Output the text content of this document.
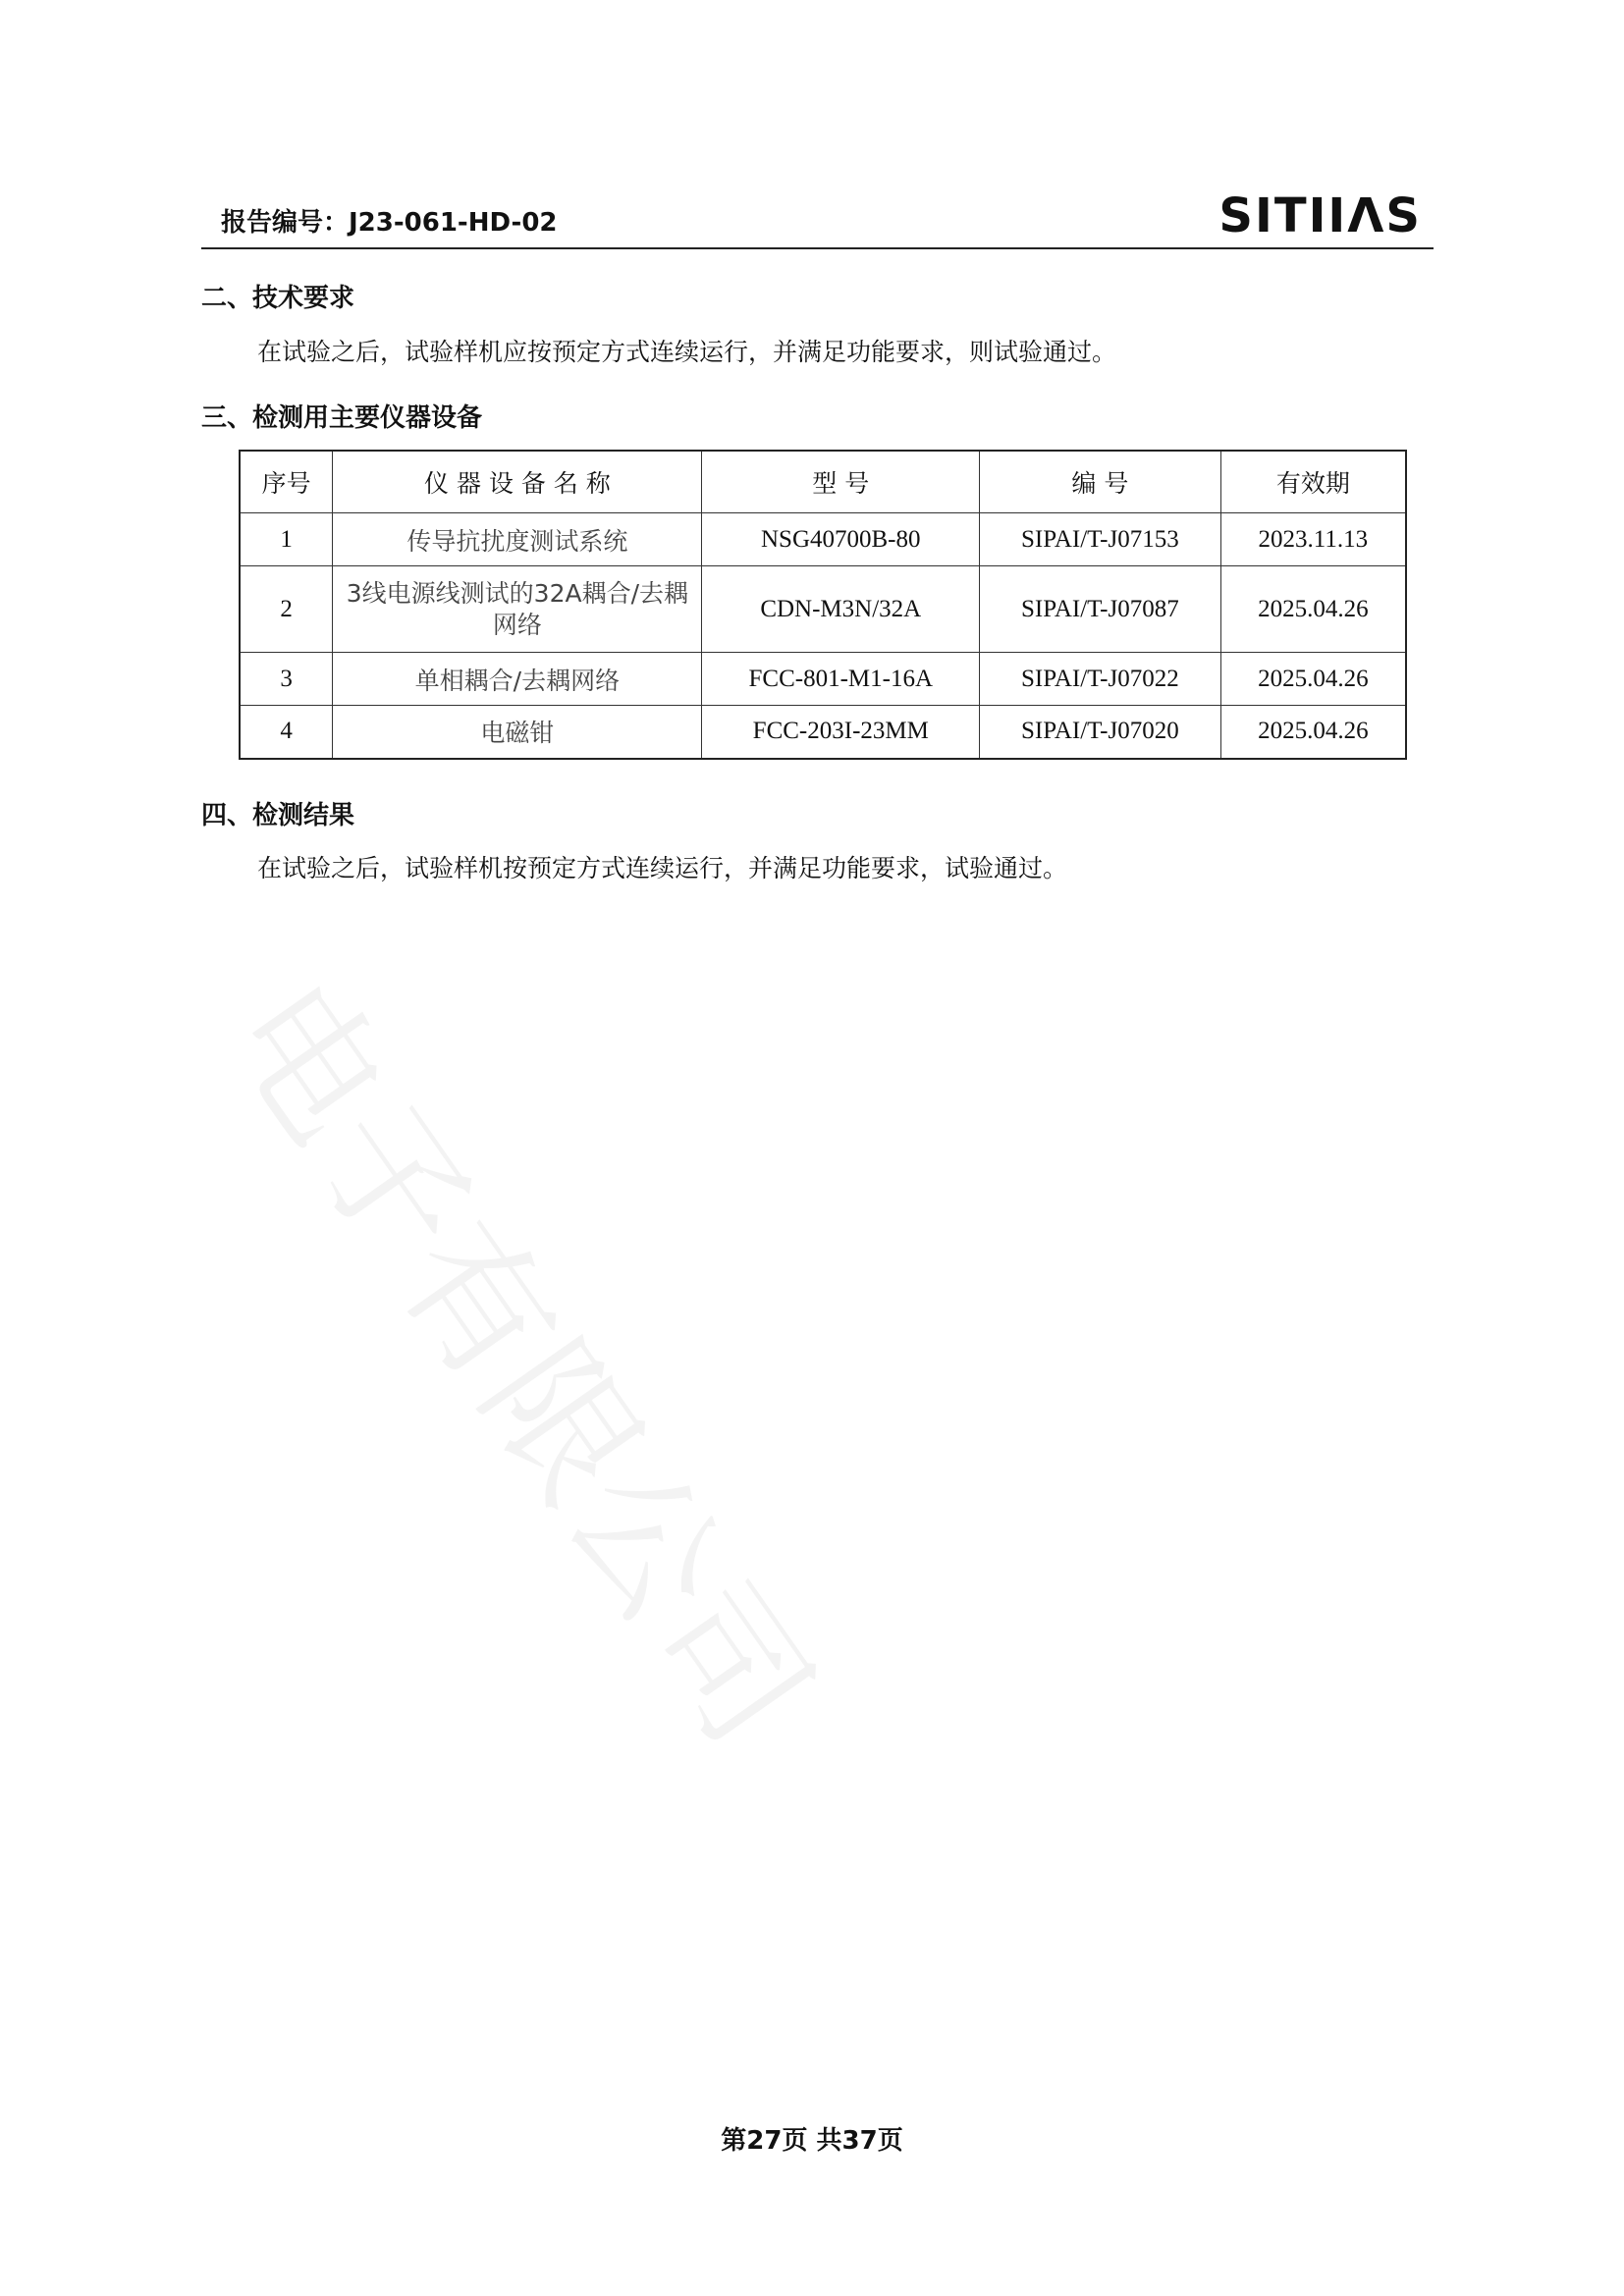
报告编号：J23-061-HD-02	SITIIΛS
二、技术要求
在试验之后，试验样机应按预定方式连续运行，并满足功能要求，则试验通过。
三、检测用主要仪器设备
序号	仪 器 设 备 名 称	型 号	编 号	有效期
1	传导抗扰度测试系统	NSG40700B-80	SIPAI/T-J07153	2023.11.13
2	3线电源线测试的32A耦合/去耦网络	CDN-M3N/32A	SIPAI/T-J07087	2025.04.26
3	单相耦合/去耦网络	FCC-801-M1-16A	SIPAI/T-J07022	2025.04.26
4	电磁钳	FCC-203I-23MM	SIPAI/T-J07020	2025.04.26
四、检测结果
在试验之后，试验样机按预定方式连续运行，并满足功能要求，试验通过。
电子有限公司
第27页 共37页
